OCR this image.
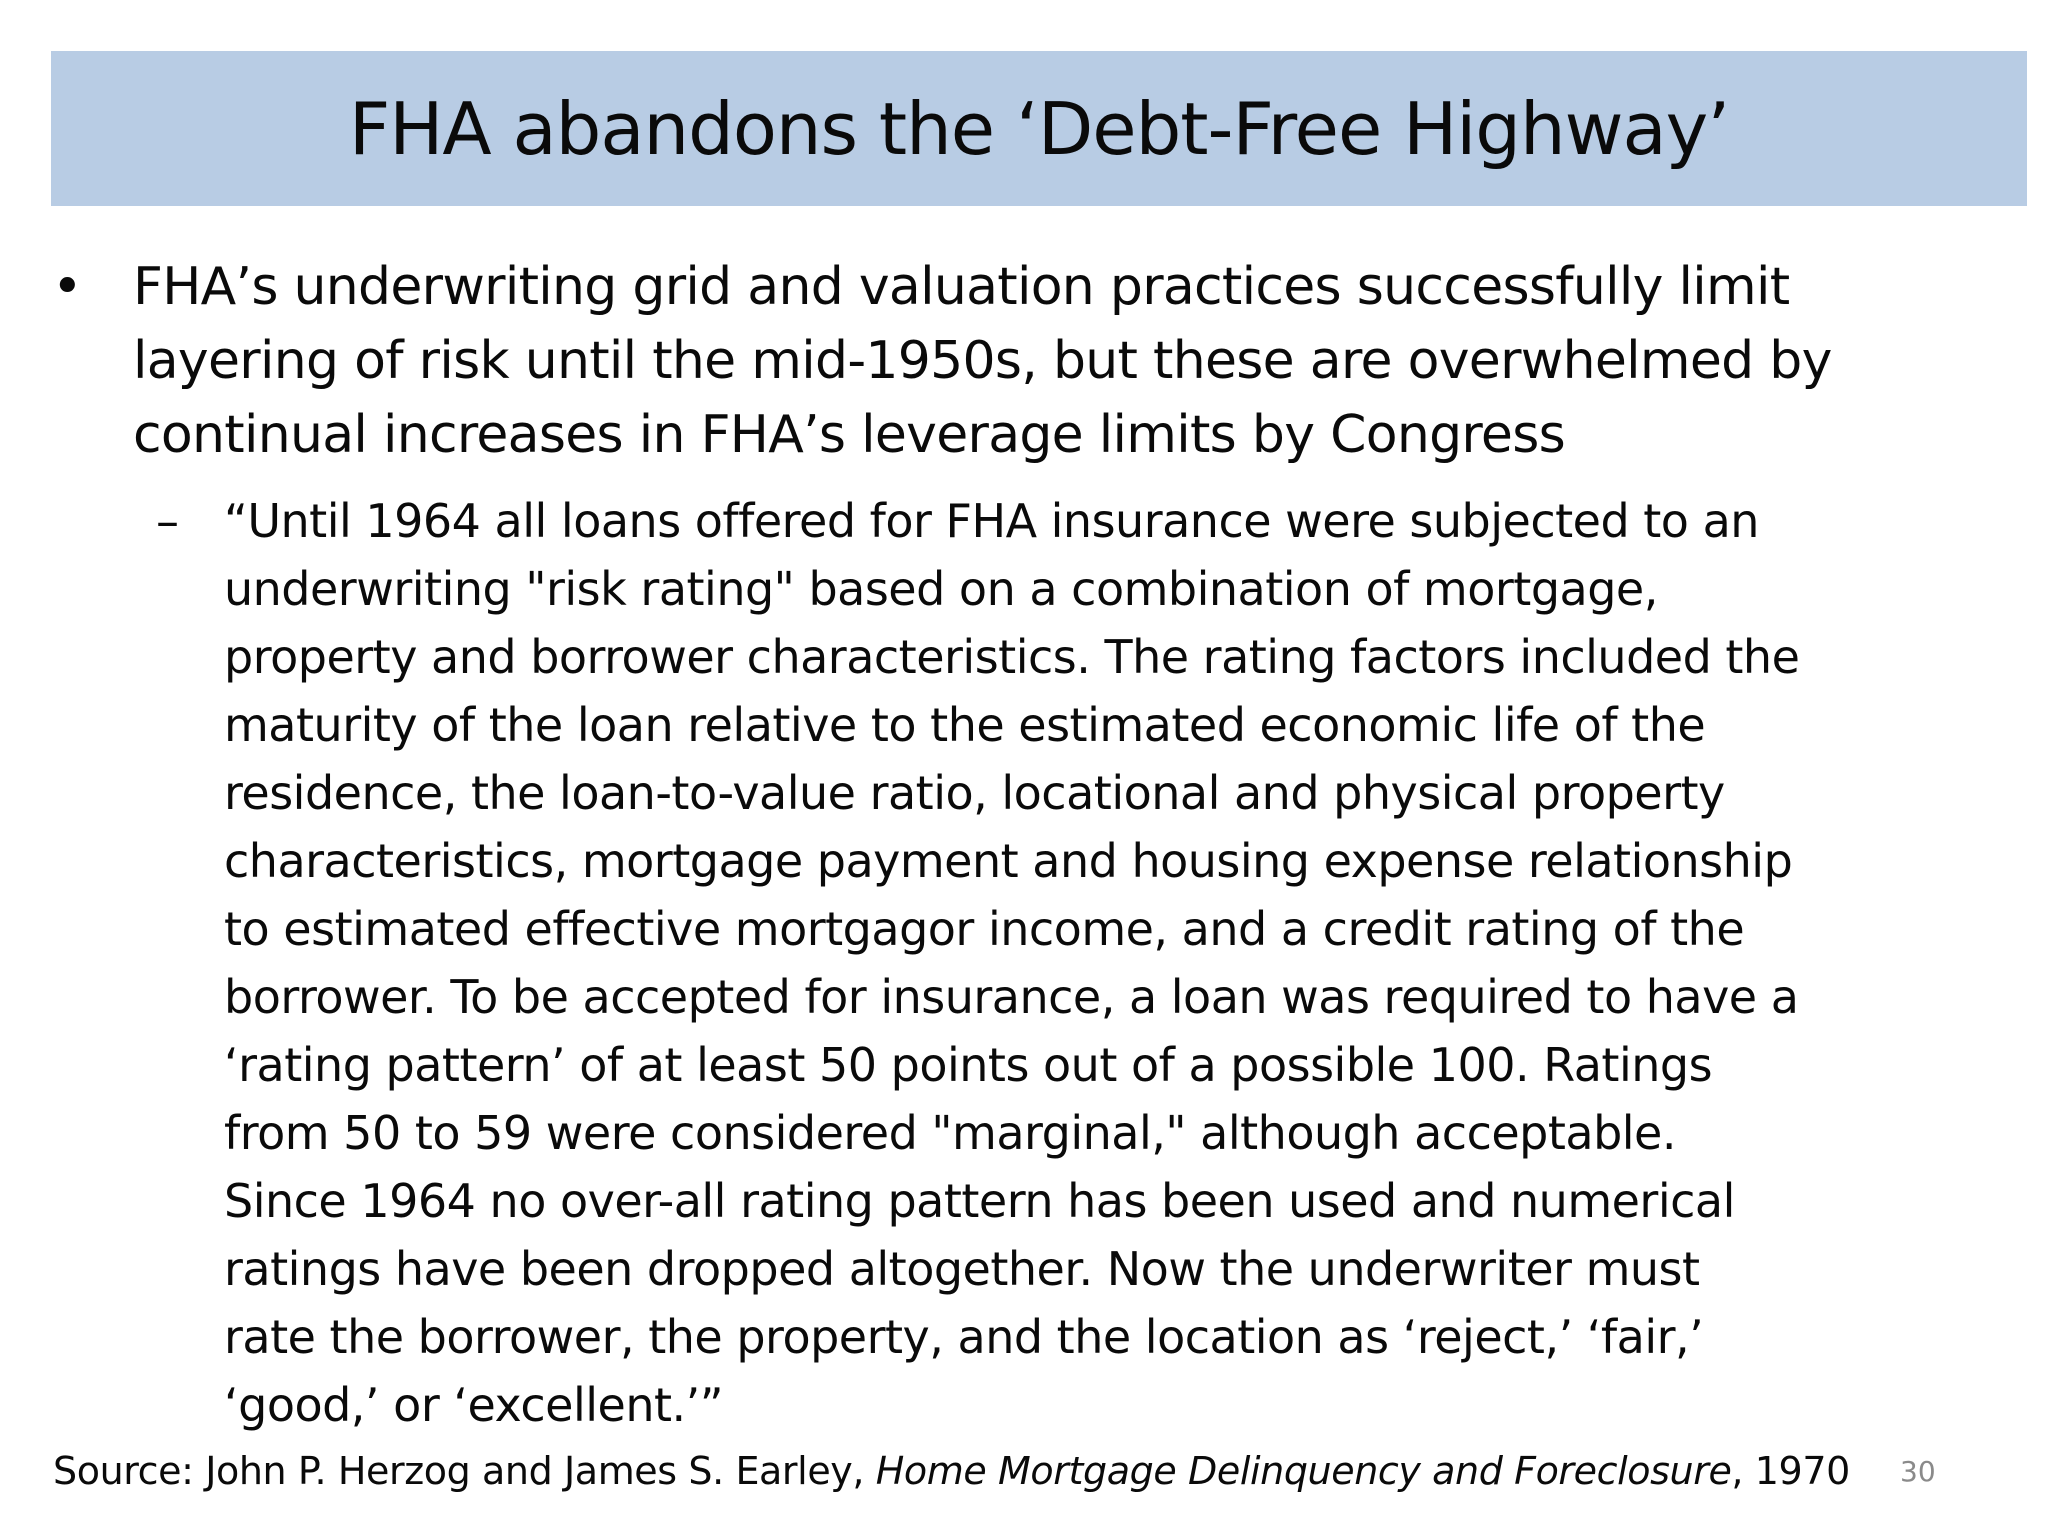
FHA abandons the ‘Debt-Free Highway’
• FHA’s underwriting grid and valuation practices successfully limit
layering of risk until the mid-1950s, but these are overwhelmed by
continual increases in FHA’s leverage limits by Congress
– “Until 1964 all loans offered for FHA insurance were subjected to an
underwriting "risk rating" based on a combination of mortgage,
property and borrower characteristics. The rating factors included the
maturity of the loan relative to the estimated economic life of the
residence, the loan-to-value ratio, locational and physical property
characteristics, mortgage payment and housing expense relationship
to estimated effective mortgagor income, and a credit rating of the
borrower. To be accepted for insurance, a loan was required to have a
‘rating pattern’ of at least 50 points out of a possible 100. Ratings
from 50 to 59 were considered "marginal," although acceptable.
Since 1964 no over-all rating pattern has been used and numerical
ratings have been dropped altogether. Now the underwriter must
rate the borrower, the property, and the location as ‘reject,’ ‘fair,’
‘good,’ or ‘excellent.’”
Source: John P. Herzog and James S. Earley, Home Mortgage Delinquency and Foreclosure, 1970 30
